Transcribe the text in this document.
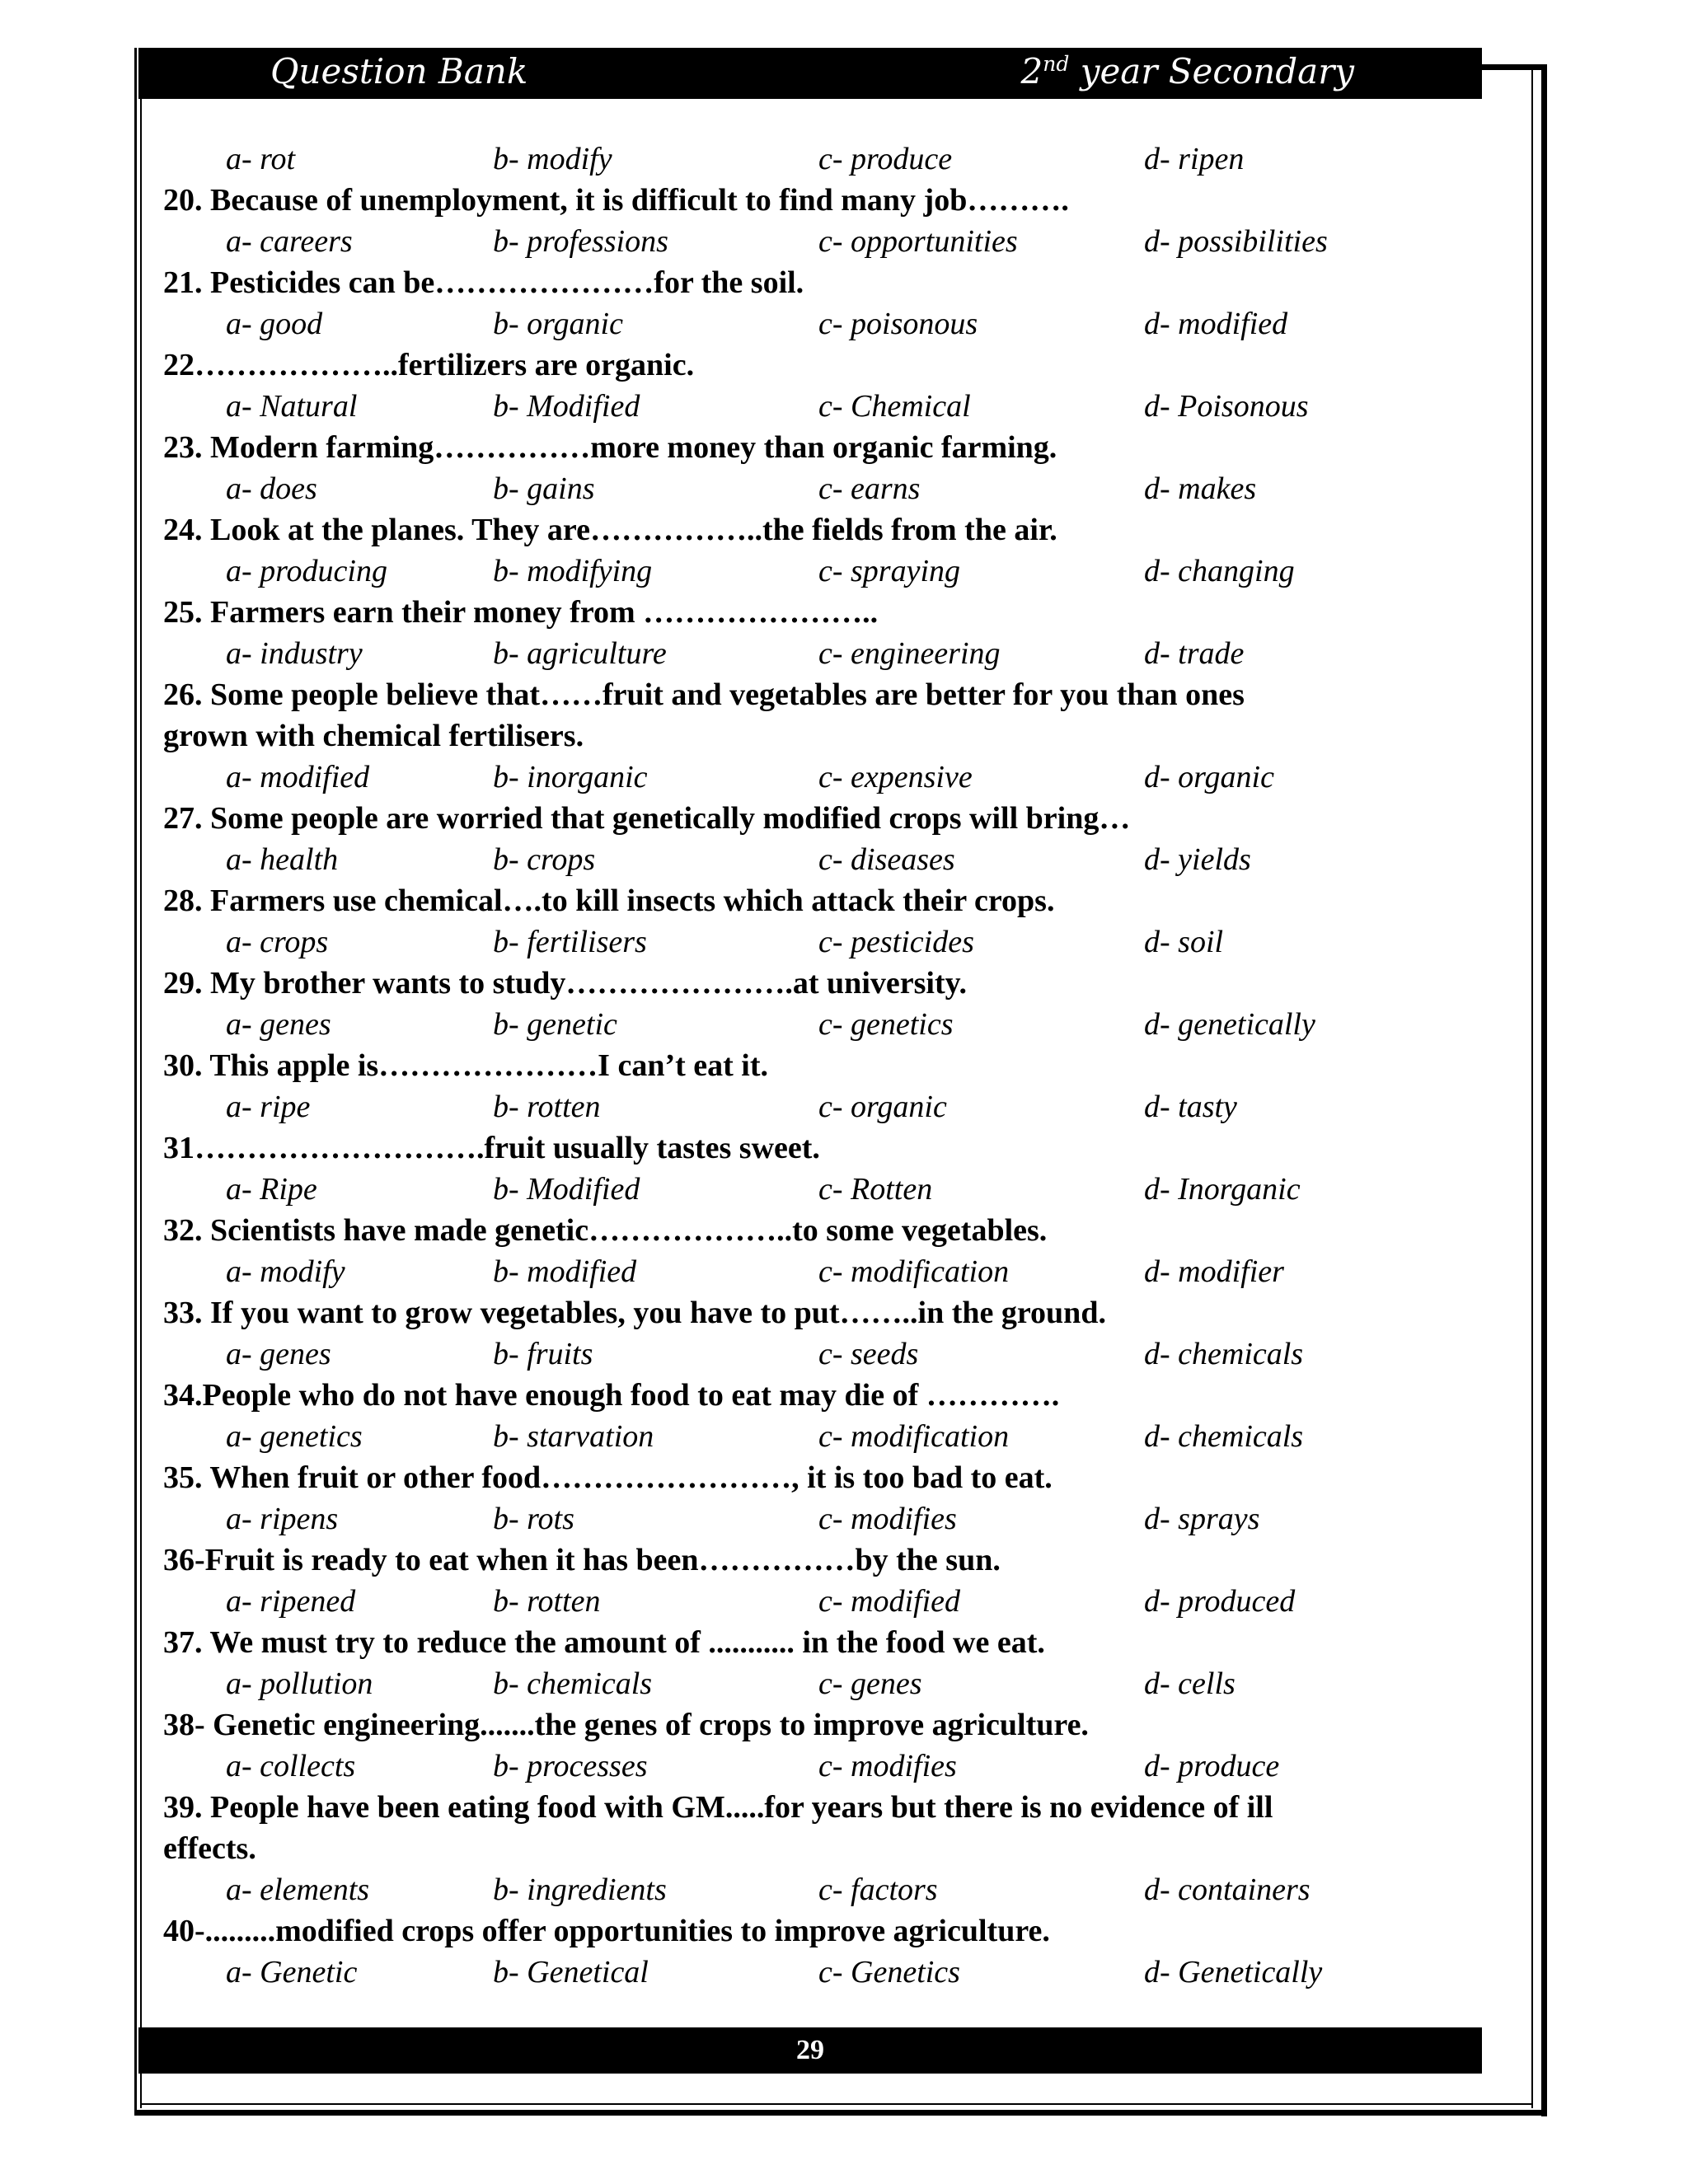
Question Bank	2nd year Secondary
a- rot	b- modify	c- produce	d- ripen
20. Because of unemployment, it is difficult to find many job……….
a- careers	b- professions	c- opportunities	d- possibilities
21. Pesticides can be…………………for the soil.
a- good	b- organic	c- poisonous	d- modified
22………………..fertilizers are organic.
a- Natural	b- Modified	c- Chemical	d- Poisonous
23. Modern farming……………more money than organic farming.
a- does	b- gains	c- earns	d- makes
24. Look at the planes. They are……………..the fields from the air.
a- producing	b- modifying	c- spraying	d- changing
25. Farmers earn their money from …………………..
a- industry	b- agriculture	c- engineering	d- trade
26. Some people believe that……fruit and vegetables are better for you than ones
grown with chemical fertilisers.
a- modified	b- inorganic	c- expensive	d- organic
27. Some people are worried that genetically modified crops will bring…
a- health	b- crops	c- diseases	d- yields
28. Farmers use chemical….to kill insects which attack their crops.
a- crops	b- fertilisers	c- pesticides	d- soil
29. My brother wants to study………………….at university.
a- genes	b- genetic	c- genetics	d- genetically
30. This apple is…………………I can’t eat it.
a- ripe	b- rotten	c- organic	d- tasty
31……………………….fruit usually tastes sweet.
a- Ripe	b- Modified	c- Rotten	d- Inorganic
32. Scientists have made genetic………………..to some vegetables.
a- modify	b- modified	c- modification	d- modifier
33. If you want to grow vegetables, you have to put……..in the ground.
a- genes	b- fruits	c- seeds	d- chemicals
34.People who do not have enough food to eat may die of ………….
a- genetics	b- starvation	c- modification	d- chemicals
35. When fruit or other food……………………, it is too bad to eat.
a- ripens	b- rots	c- modifies	d- sprays
36-Fruit is ready to eat when it has been……………by the sun.
a- ripened	b- rotten	c- modified	d- produced
37. We must try to reduce the amount of ........... in the food we eat.
a- pollution	b- chemicals	c- genes	d- cells
38- Genetic engineering.......the genes of crops to improve agriculture.
a- collects	b- processes	c- modifies	d- produce
39. People have been eating food with GM.....for years but there is no evidence of ill
effects.
a- elements	b- ingredients	c- factors	d- containers
40-.........modified crops offer opportunities to improve agriculture.
a- Genetic	b- Genetical	c- Genetics	d- Genetically
29
